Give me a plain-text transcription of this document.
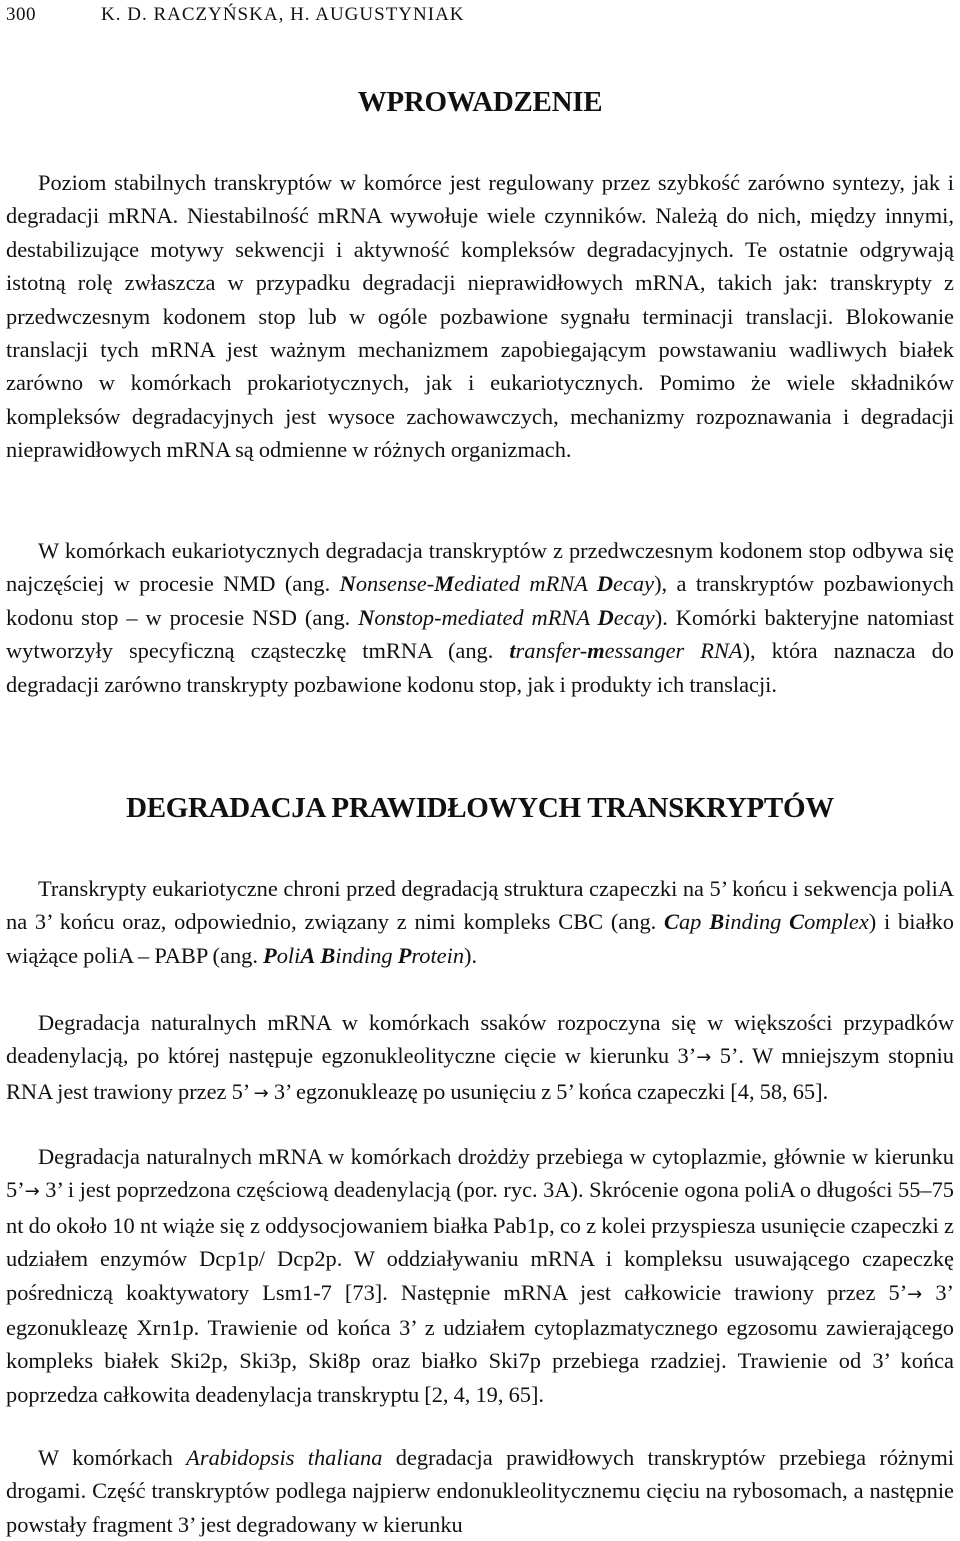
300	K. D. RACZYŃSKA, H. AUGUSTYNIAK
WPROWADZENIE

Poziom stabilnych transkryptów w komórce jest regulowany przez szybkość zarówno syntezy, jak i degradacji mRNA. Niestabilność mRNA wywołuje wiele czynników. Należą do nich, między innymi, destabilizujące motywy sekwencji i aktywność kompleksów degradacyjnych. Te ostatnie odgrywają istotną rolę zwłaszcza w przypadku degradacji nieprawidłowych mRNA, takich jak: transkrypty z przedwczesnym kodonem stop lub w ogóle pozbawione sygnału terminacji translacji. Blokowanie translacji tych mRNA jest ważnym mechanizmem zapobiegającym powstawaniu wadliwych białek zarówno w komórkach prokariotycznych, jak i eukariotycznych. Pomimo że wiele składników kompleksów degradacyjnych jest wysoce zachowawczych, mechanizmy rozpoznawania i degradacji nieprawidłowych mRNA są odmienne w różnych organizmach.

W komórkach eukariotycznych degradacja transkryptów z przedwczesnym kodonem stop odbywa się najczęściej w procesie NMD (ang. Nonsense-Mediated mRNA Decay), a transkryptów pozbawionych kodonu stop – w procesie NSD (ang. Nonstop-mediated mRNA Decay). Komórki bakteryjne natomiast wytworzyły specyficzną cząsteczkę tmRNA (ang. transfer-messanger RNA), która naznacza do degradacji zarówno transkrypty pozbawione kodonu stop, jak i produkty ich translacji.

DEGRADACJA PRAWIDŁOWYCH TRANSKRYPTÓW

Transkrypty eukariotyczne chroni przed degradacją struktura czapeczki na 5’ końcu i sekwencja poliA na 3’ końcu oraz, odpowiednio, związany z nimi kompleks CBC (ang. Cap Binding Complex) i białko wiążące poliA – PABP (ang. PoliA Binding Protein).

Degradacja naturalnych mRNA w komórkach ssaków rozpoczyna się w większości przypadków deadenylacją, po której następuje egzonukleolityczne cięcie w kierunku 3’→ 5’. W mniejszym stopniu RNA jest trawiony przez 5’ → 3’ egzonukleazę po usunięciu z 5’ końca czapeczki [4, 58, 65].

Degradacja naturalnych mRNA w komórkach drożdży przebiega w cytoplazmie, głównie w kierunku 5’→ 3’ i jest poprzedzona częściową deadenylacją (por. ryc. 3A). Skrócenie ogona poliA o długości 55–75 nt do około 10 nt wiąże się z oddysocjowaniem białka Pab1p, co z kolei przyspiesza usunięcie czapeczki z udziałem enzymów Dcp1p/ Dcp2p. W oddziaływaniu mRNA i kompleksu usuwającego czapeczkę pośredniczą koaktywatory Lsm1-7 [73]. Następnie mRNA jest całkowicie trawiony przez 5’→ 3’ egzonukleazę Xrn1p. Trawienie od końca 3’ z udziałem cytoplazmatycznego egzosomu zawierającego kompleks białek Ski2p, Ski3p, Ski8p oraz białko Ski7p przebiega rzadziej. Trawienie od 3’ końca poprzedza całkowita deadenylacja transkryptu [2, 4, 19, 65].

W komórkach Arabidopsis thaliana degradacja prawidłowych transkryptów przebiega różnymi drogami. Część transkryptów podlega najpierw endonukleolitycznemu cięciu na rybosomach, a następnie powstały fragment 3’ jest degradowany w kierunku
